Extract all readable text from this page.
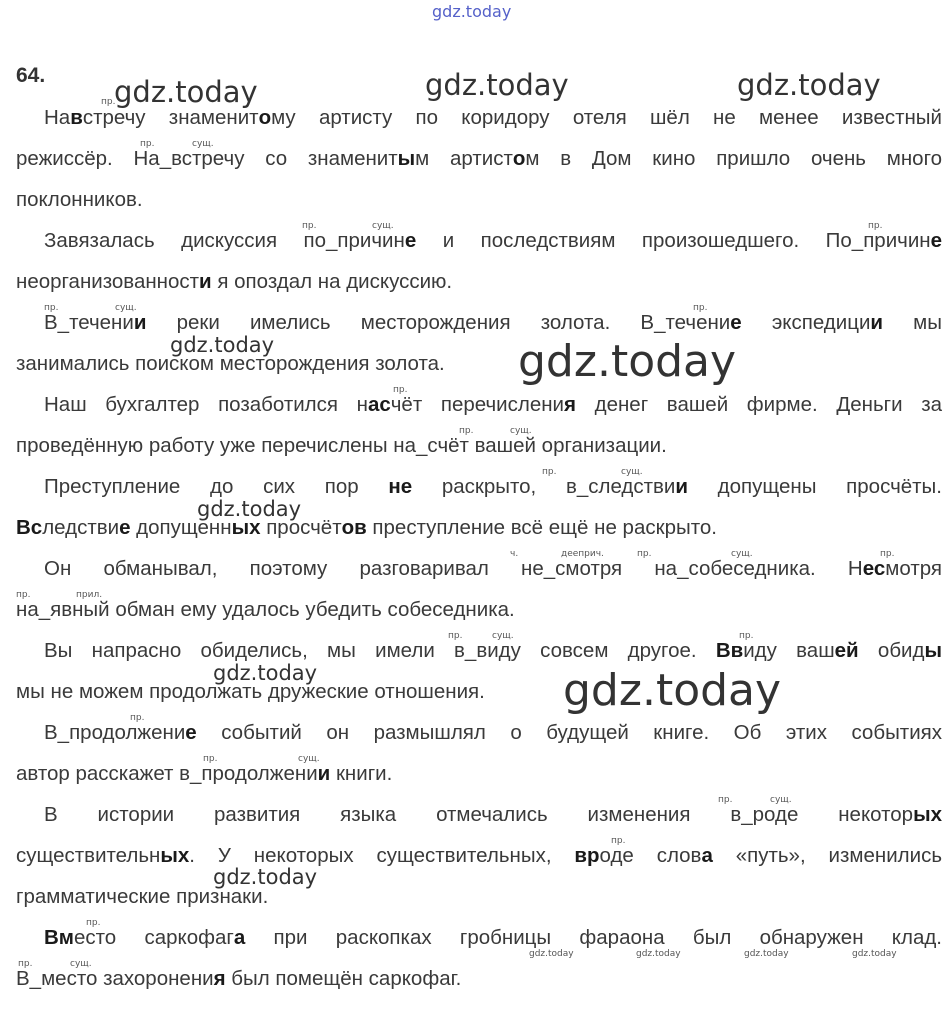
gdz.today
gdz.today	gdz.today	gdz.today
gdz.today	gdz.today
gdz.today
gdz.today	gdz.today
gdz.today
gdz.today	gdz.today	gdz.today	gdz.today
64.
пр.
пр.	сущ.
пр.	сущ.	пр.
пр.	сущ.	пр.
пр.
пр.	сущ.
пр.	сущ.
ч.	дееприч.	пр.	сущ.	пр.
пр.	прил.
пр.	сущ.	пр.
пр.
пр.	сущ.
пр.	сущ.
пр.
пр.
пр.	сущ.
Навстречу знаменитому артисту по коридору отеля шёл не менее известный
режиссёр. На_встречу со знаменитым артистом в Дом кино пришло очень много
поклонников.
Завязалась дискуссия по_причине и последствиям произошедшего. По_причине
неорганизованности я опоздал на дискуссию.
В_течении реки имелись месторождения золота. В_течение экспедиции мы
занимались поиском месторождения золота.
Наш бухгалтер позаботился насчёт перечисления денег вашей фирме. Деньги за
проведённую работу уже перечислены на_счёт вашей организации.
Преступление до сих пор не раскрыто, в_следствии допущены просчёты.
Вследствие допущенных просчётов преступление всё ещё не раскрыто.
Он обманывал, поэтому разговаривал не_смотря на_собеседника. Несмотря
на_явный обман ему удалось убедить собеседника.
Вы напрасно обиделись, мы имели в_виду совсем другое. Ввиду вашей обиды
мы не можем продолжать дружеские отношения.
В_продолжение событий он размышлял о будущей книге. Об этих событиях
автор расскажет в_продолжении книги.
В истории развития языка отмечались изменения в_роде некоторых
существительных. У некоторых существительных, вроде слова «путь», изменились
грамматические признаки.
Вместо саркофага при раскопках гробницы фараона был обнаружен клад.
В_место захоронения был помещён саркофаг.
